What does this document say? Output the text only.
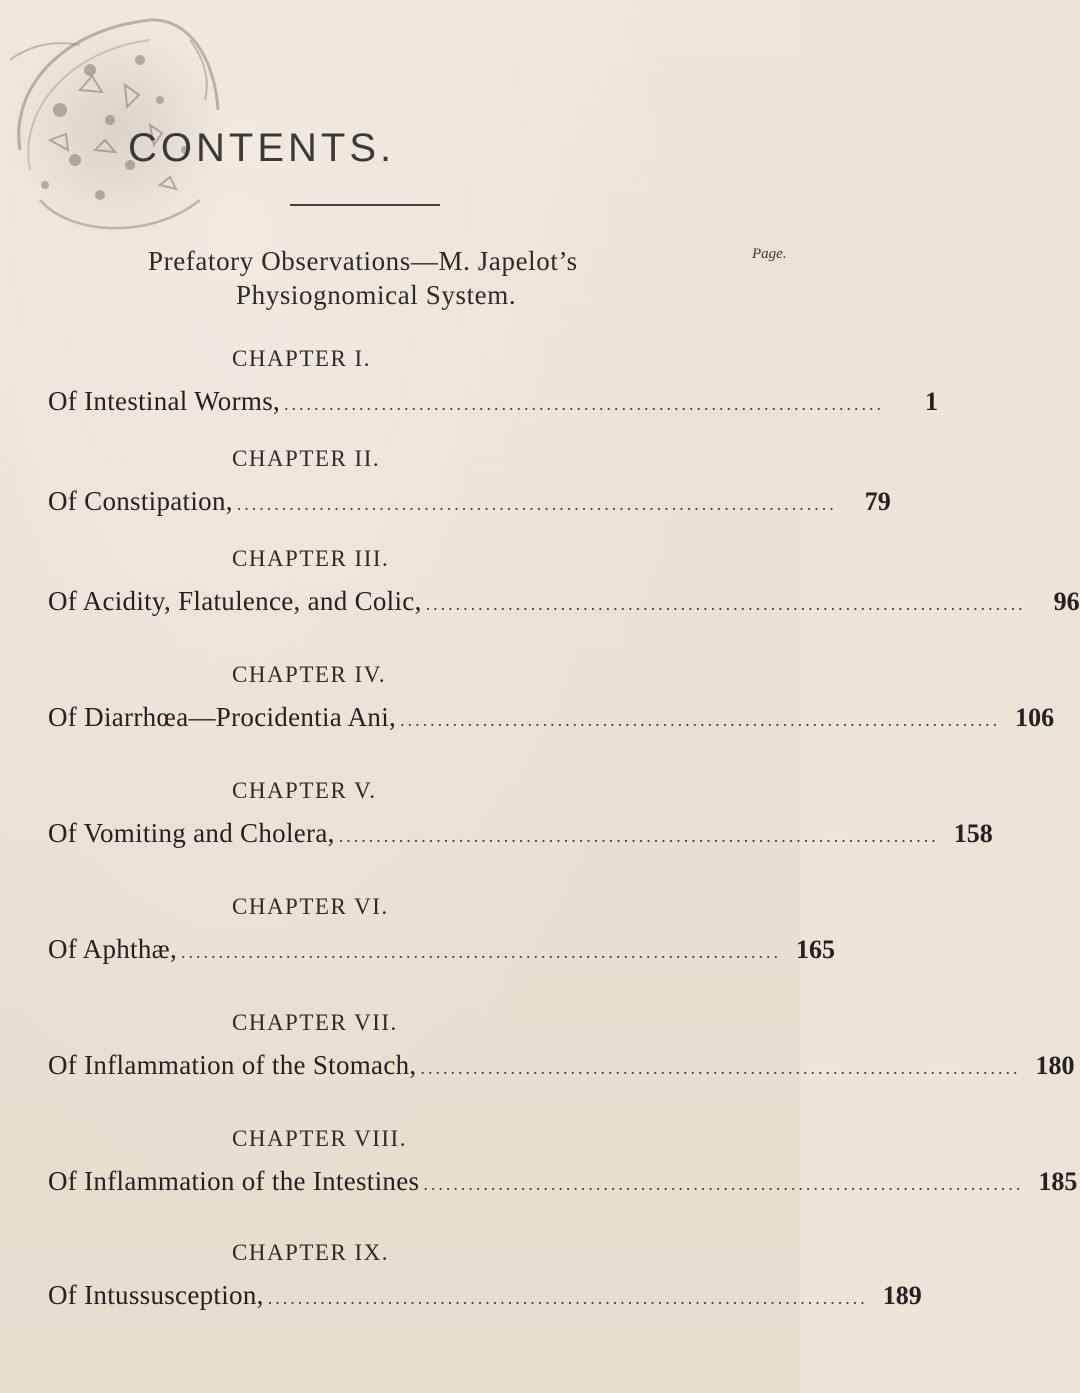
CONTENTS.
Page.
Prefatory Observations—M. Japelot’s
Physiognomical System.
CHAPTER I.
Of Intestinal Worms, ................................................................................	1
CHAPTER II.
Of Constipation, ................................................................................	79
CHAPTER III.
Of Acidity, Flatulence, and Colic, ................................................................................	96
CHAPTER IV.
Of Diarrhœa—Procidentia Ani, ................................................................................ 106
CHAPTER V.
Of Vomiting and Cholera, ................................................................................ 158
CHAPTER VI.
Of Aphthæ, ................................................................................ 165
CHAPTER VII.
Of Inflammation of the Stomach, ................................................................................ 180
CHAPTER VIII.
Of Inflammation of the Intestines ................................................................................ 185
CHAPTER IX.
Of Intussusception, ................................................................................ 189
